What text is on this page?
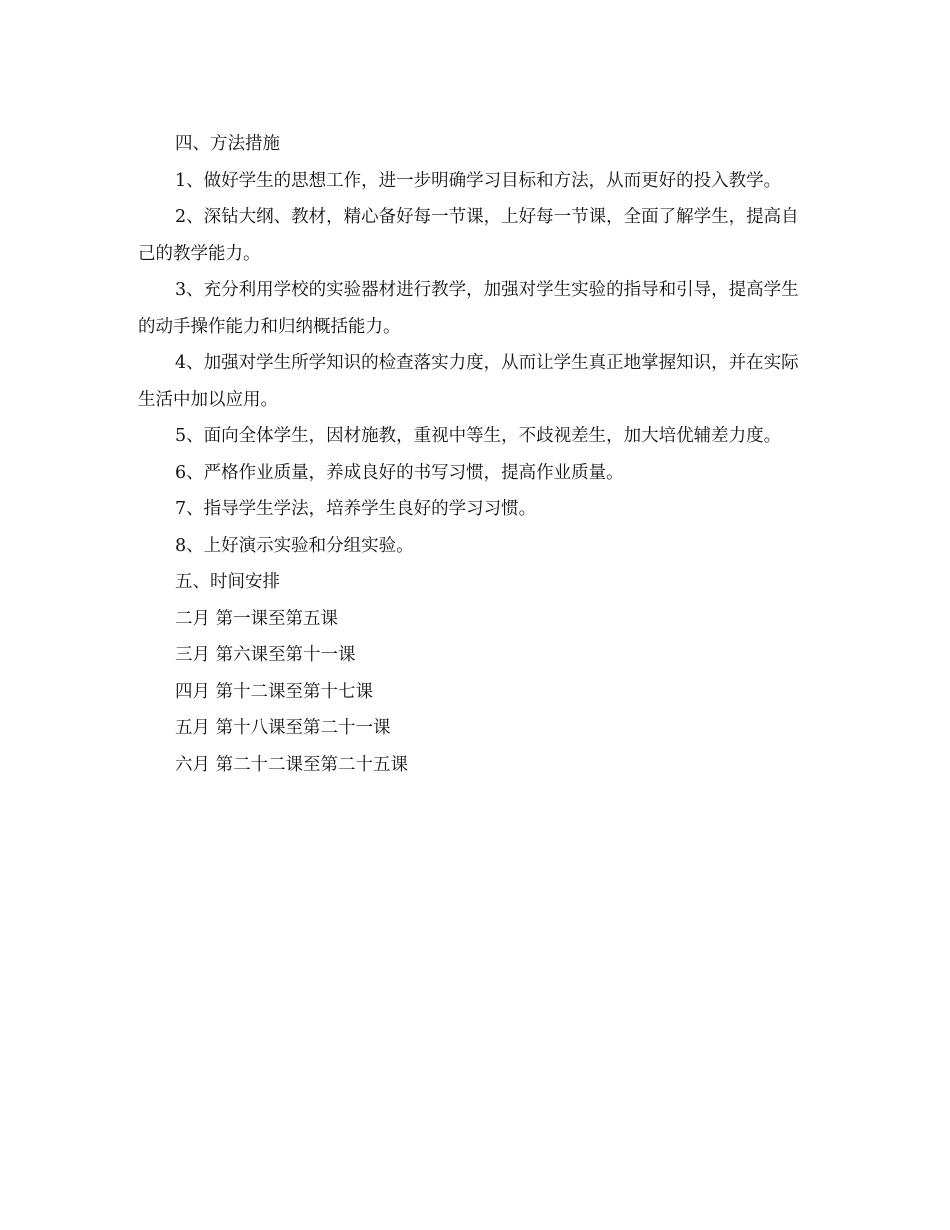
四、方法措施

1、做好学生的思想工作，进一步明确学习目标和方法，从而更好的投入教学。

2、深钻大纲、教材，精心备好每一节课，上好每一节课，全面了解学生，提高自己的教学能力。

3、充分利用学校的实验器材进行教学，加强对学生实验的指导和引导，提高学生的动手操作能力和归纳概括能力。

4、加强对学生所学知识的检查落实力度，从而让学生真正地掌握知识，并在实际生活中加以应用。

5、面向全体学生，因材施教，重视中等生，不歧视差生，加大培优辅差力度。

6、严格作业质量，养成良好的书写习惯，提高作业质量。

7、指导学生学法，培养学生良好的学习习惯。

8、上好演示实验和分组实验。

五、时间安排

二月 第一课至第五课

三月 第六课至第十一课

四月 第十二课至第十七课

五月 第十八课至第二十一课

六月 第二十二课至第二十五课
